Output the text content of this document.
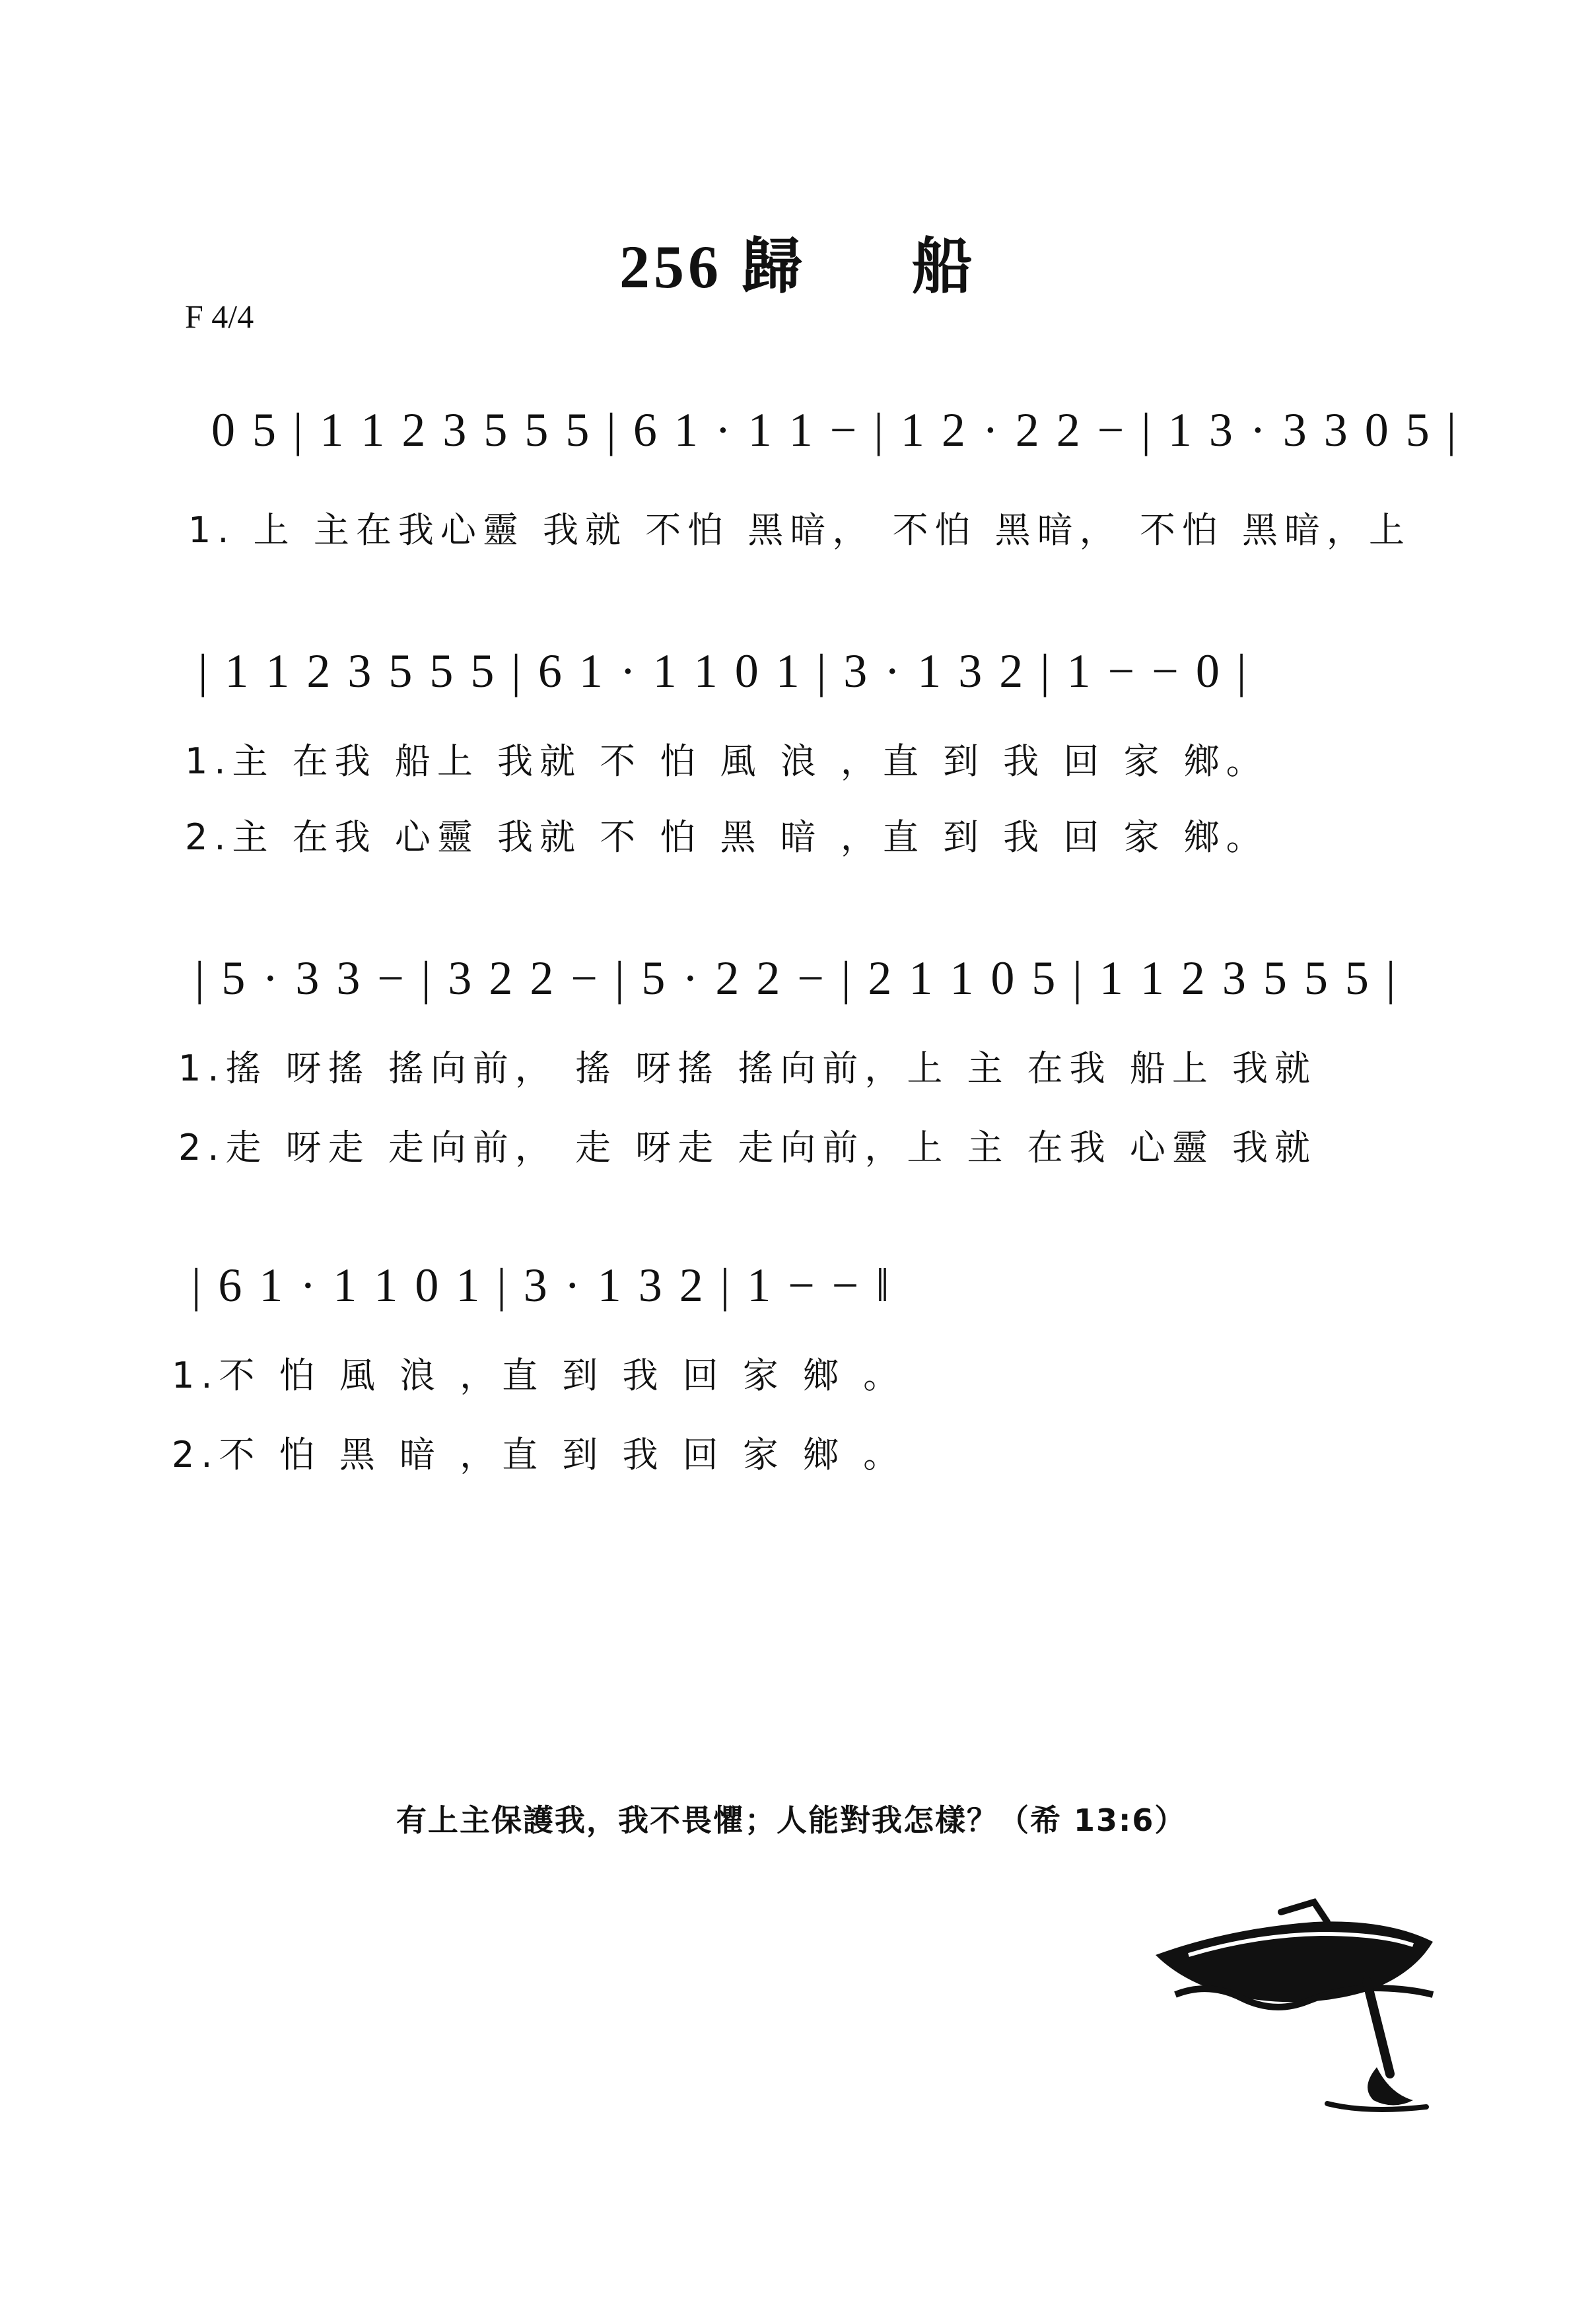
256 歸 船
F 4/4
0 5 | 1 1 2 3 5 5 5 | 6 1 · 1 1 − | 1 2 · 2 2 − | 1 3 · 3 3 0 5 |
1. 上 主在我心靈 我就 不怕 黑暗， 不怕 黑暗， 不怕 黑暗，上
| 1 1 2 3 5 5 5 | 6 1 · 1 1 0 1 | 3 · 1 3 2 | 1 − − 0 |
1.主 在我 船上 我就 不 怕 風 浪 ，直 到 我 回 家 鄉。
2.主 在我 心靈 我就 不 怕 黑 暗 ，直 到 我 回 家 鄉。
| 5 · 3 3 − | 3 2 2 − | 5 · 2 2 − | 2 1 1 0 5 | 1 1 2 3 5 5 5 |
1.搖 呀搖 搖向前， 搖 呀搖 搖向前，上 主 在我 船上 我就
2.走 呀走 走向前， 走 呀走 走向前，上 主 在我 心靈 我就
| 6 1 · 1 1 0 1 | 3 · 1 3 2 | 1 − − ‖
1.不 怕 風 浪 ，直 到 我 回 家 鄉 。
2.不 怕 黑 暗 ，直 到 我 回 家 鄉 。
有上主保護我，我不畏懼；人能對我怎樣？（希 13:6）
